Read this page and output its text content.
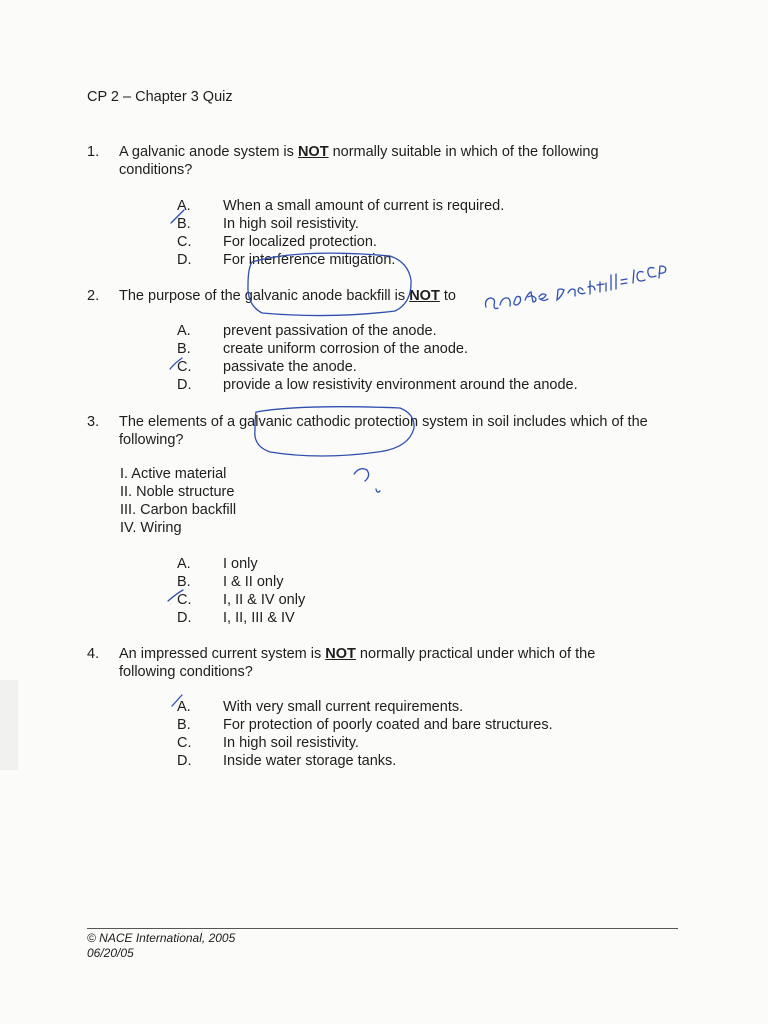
CP 2 – Chapter 3 Quiz
1. A galvanic anode system is NOT normally suitable in which of the following
conditions?
A. When a small amount of current is required.
B. In high soil resistivity.
C. For localized protection.
D. For interference mitigation.
2. The purpose of the galvanic anode backfill is NOT to
A. prevent passivation of the anode.
B. create uniform corrosion of the anode.
C. passivate the anode.
D. provide a low resistivity environment around the anode.
3. The elements of a galvanic cathodic protection system in soil includes which of the
following?
I. Active material
II. Noble structure
III. Carbon backfill
IV. Wiring
A. I only
B. I & II only
C. I, II & IV only
D. I, II, III & IV
4. An impressed current system is NOT normally practical under which of the
following conditions?
A. With very small current requirements.
B. For protection of poorly coated and bare structures.
C. In high soil resistivity.
D. Inside water storage tanks.
© NACE International, 2005
06/20/05
